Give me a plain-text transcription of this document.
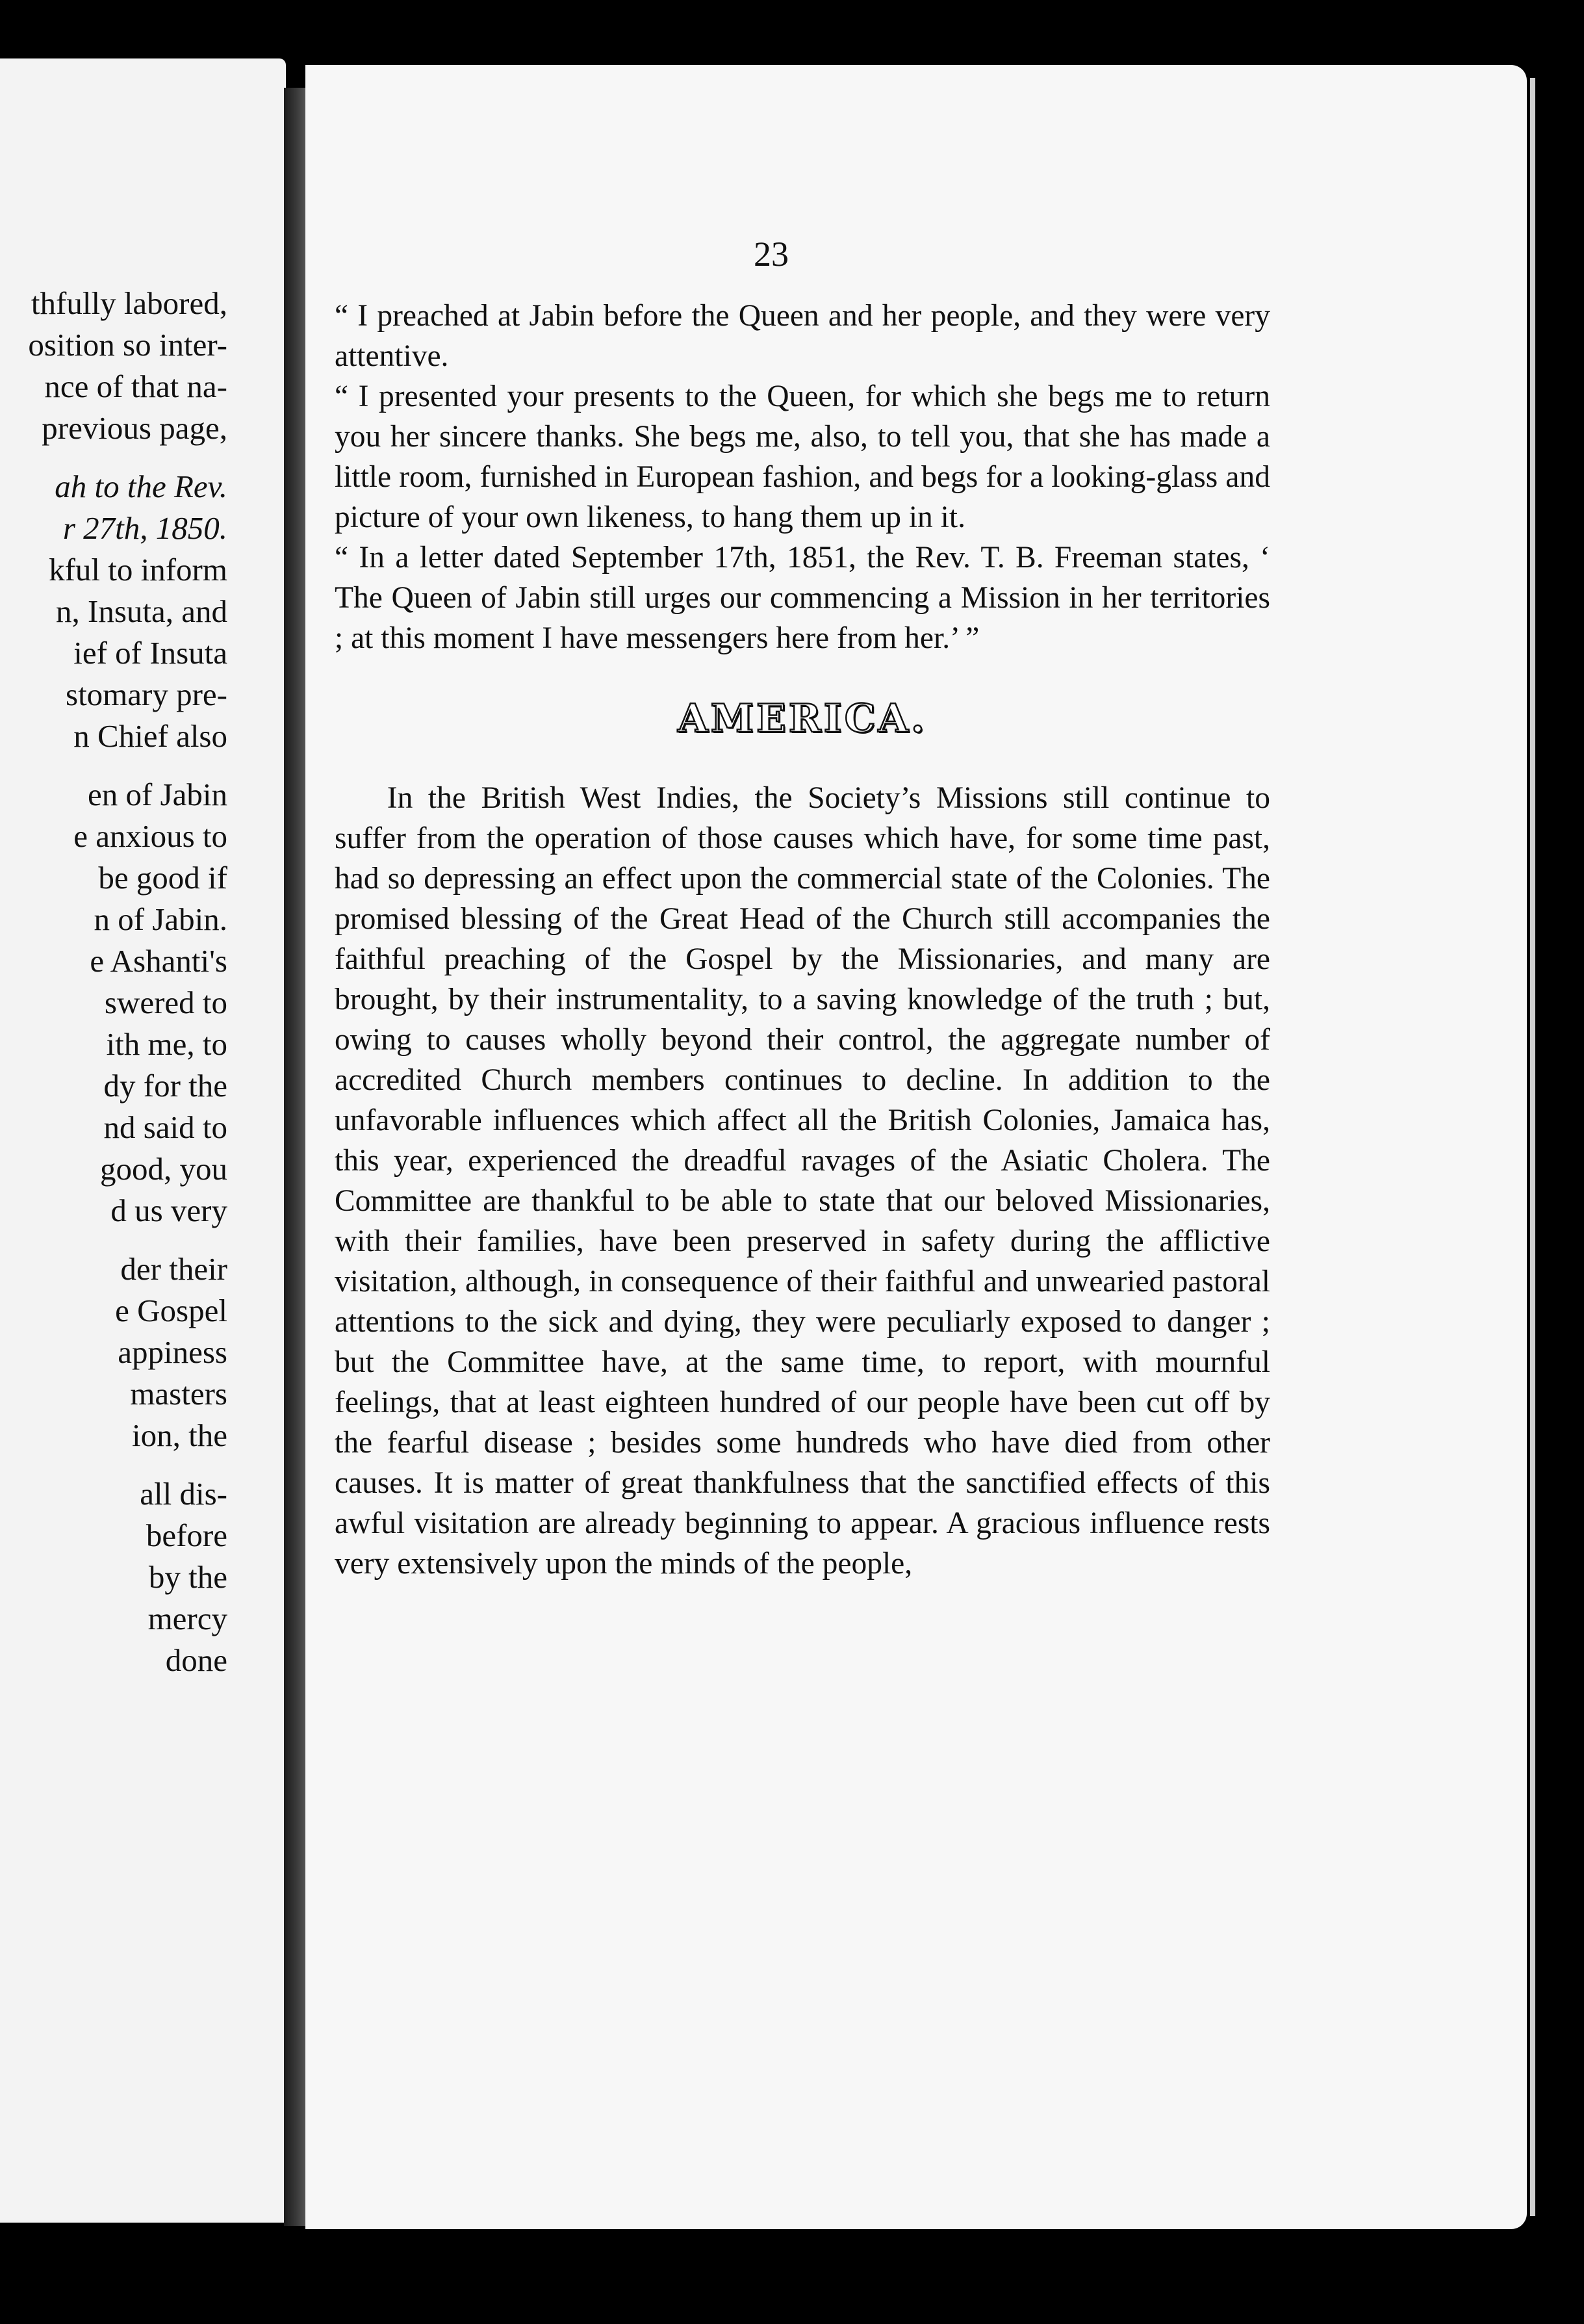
thfully labored,
osition so inter-
nce of that na-
previous page,
ah to the Rev.
r 27th, 1850.
kful to inform
n, Insuta, and
ief of Insuta
stomary pre-
n Chief also
en of Jabin
e anxious to
be good if
n of Jabin.
e Ashanti's
swered to
ith me, to
dy for the
nd said to
good, you
d us very
der their
e Gospel
appiness
masters
ion, the
all dis-
before
by the
mercy
done
23

“ I preached at Jabin before the Queen and her people, and they were very attentive.

“ I presented your presents to the Queen, for which she begs me to return you her sincere thanks. She begs me, also, to tell you, that she has made a little room, furnished in European fashion, and begs for a looking-glass and picture of your own likeness, to hang them up in it.

“ In a letter dated September 17th, 1851, the Rev. T. B. Freeman states, ‘ The Queen of Jabin still urges our commencing a Mission in her territories ; at this moment I have messengers here from her.’ ”

AMERICA.

In the British West Indies, the Society’s Missions still continue to suffer from the operation of those causes which have, for some time past, had so depressing an effect upon the commercial state of the Colonies. The promised blessing of the Great Head of the Church still accompanies the faithful preaching of the Gospel by the Missionaries, and many are brought, by their instrumentality, to a saving knowledge of the truth ; but, owing to causes wholly beyond their control, the aggregate number of accredited Church members continues to decline. In addition to the unfavorable influences which affect all the British Colonies, Jamaica has, this year, experienced the dreadful ravages of the Asiatic Cholera. The Committee are thankful to be able to state that our beloved Missionaries, with their families, have been preserved in safety during the afflictive visitation, although, in consequence of their faithful and unwearied pastoral attentions to the sick and dying, they were peculiarly exposed to danger ; but the Committee have, at the same time, to report, with mournful feelings, that at least eighteen hundred of our people have been cut off by the fearful disease ; besides some hundreds who have died from other causes. It is matter of great thankfulness that the sanctified effects of this awful visitation are already beginning to appear. A gracious influence rests very extensively upon the minds of the people,
